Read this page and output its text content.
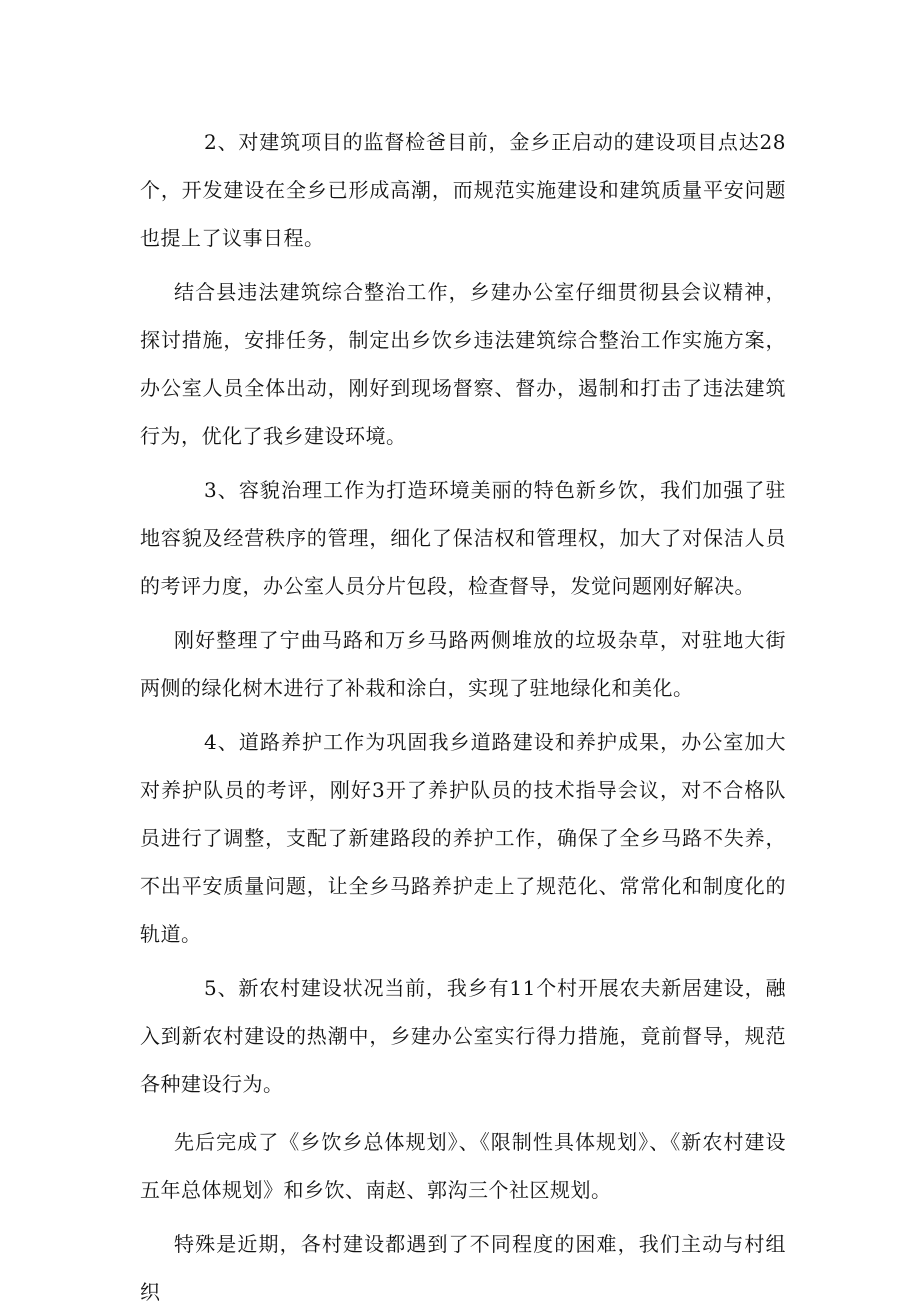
2、对建筑项目的监督检爸目前，金乡正启动的建设项目点达28个，开发建设在全乡已形成高潮，而规范实施建设和建筑质量平安问题也提上了议事日程。

结合县违法建筑综合整治工作，乡建办公室仔细贯彻县会议精神，探讨措施，安排任务，制定出乡饮乡违法建筑综合整治工作实施方案，办公室人员全体出动，刚好到现场督察、督办，遏制和打击了违法建筑行为，优化了我乡建设环境。

3、容貌治理工作为打造环境美丽的特色新乡饮，我们加强了驻地容貌及经营秩序的管理，细化了保洁权和管理权，加大了对保洁人员的考评力度，办公室人员分片包段，检查督导，发觉问题刚好解决。

刚好整理了宁曲马路和万乡马路两侧堆放的垃圾杂草，对驻地大街两侧的绿化树木进行了补栽和涂白，实现了驻地绿化和美化。

4、道路养护工作为巩固我乡道路建设和养护成果，办公室加大对养护队员的考评，刚好3开了养护队员的技术指导会议，对不合格队员进行了调整，支配了新建路段的养护工作，确保了全乡马路不失养，不出平安质量问题，让全乡马路养护走上了规范化、常常化和制度化的轨道。

5、新农村建设状况当前，我乡有11个村开展农夫新居建设，融入到新农村建设的热潮中，乡建办公室实行得力措施，竟前督导，规范各种建设行为。

先后完成了《乡饮乡总体规划》、《限制性具体规划》、《新农村建设五年总体规划》和乡饮、南赵、郭沟三个社区规划。

特殊是近期，各村建设都遇到了不同程度的困难，我们主动与村组织
